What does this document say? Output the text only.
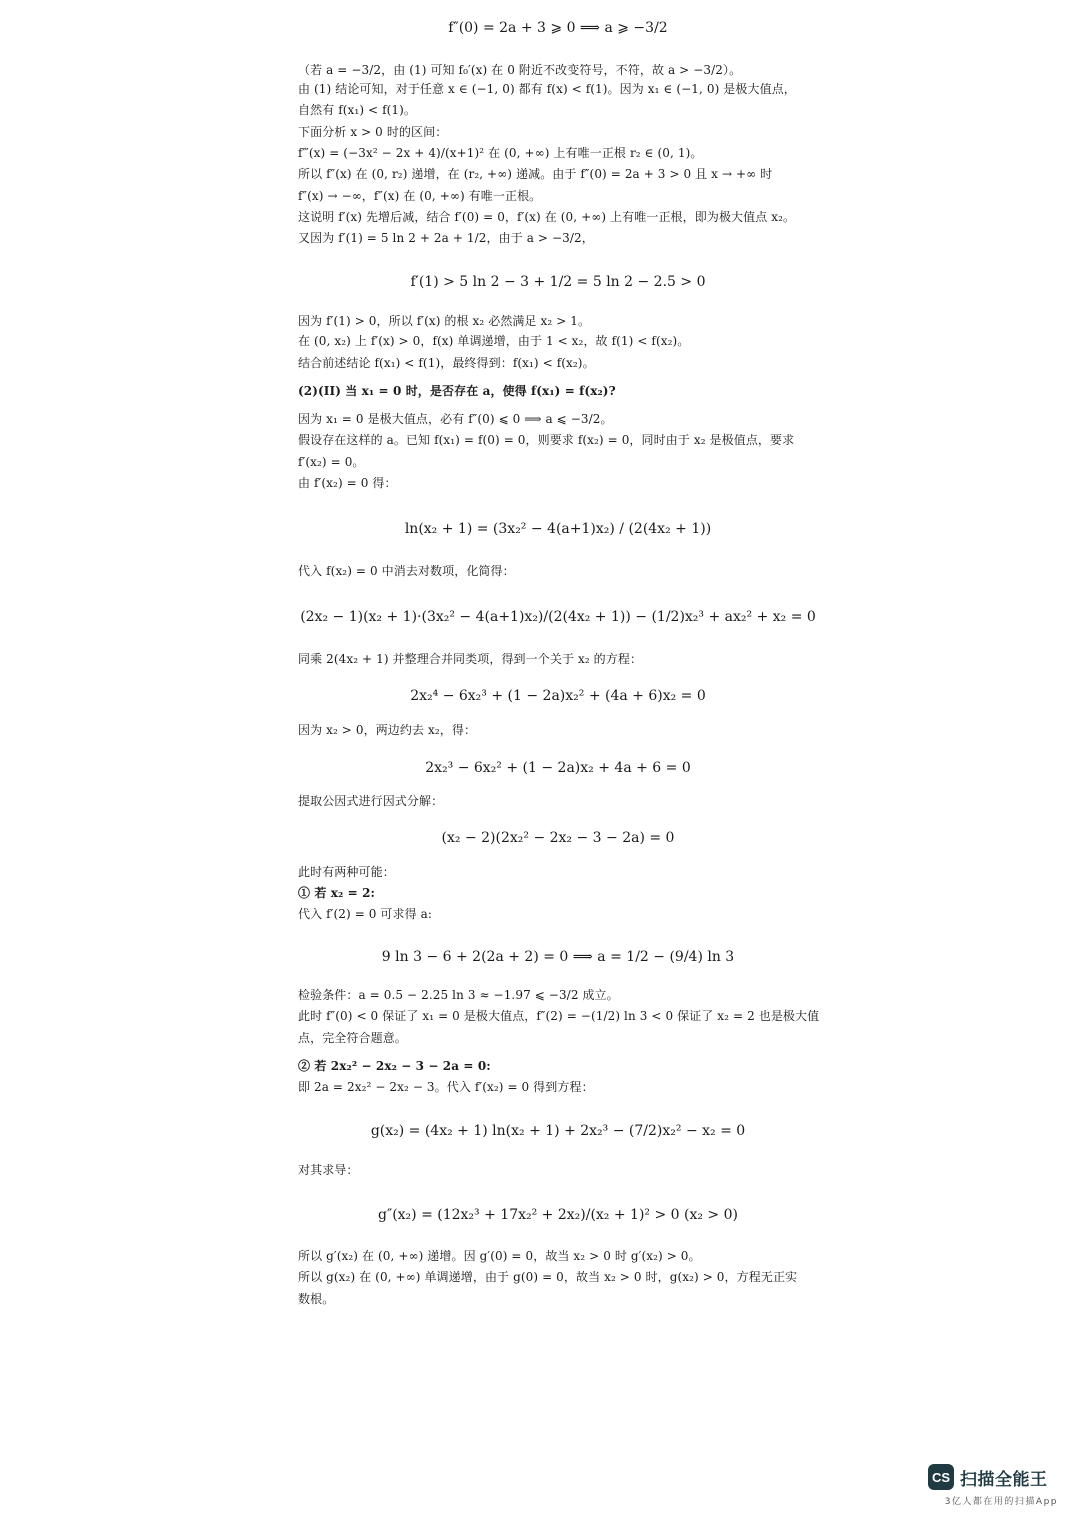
f″(0) = 2a + 3 ⩾ 0 ⟹ a ⩾ −3/2
（若 a = −3/2，由 (1) 可知 f₀′(x) 在 0 附近不改变符号，不符，故 a > −3/2）。
由 (1) 结论可知，对于任意 x ∈ (−1, 0) 都有 f(x) < f(1)。因为 x₁ ∈ (−1, 0) 是极大值点，
自然有 f(x₁) < f(1)。
下面分析 x > 0 时的区间：
f‴(x) = (−3x² − 2x + 4)/(x+1)² 在 (0, +∞) 上有唯一正根 r₂ ∈ (0, 1)。
所以 f″(x) 在 (0, r₂) 递增，在 (r₂, +∞) 递减。由于 f″(0) = 2a + 3 > 0 且 x → +∞ 时
f″(x) → −∞，f″(x) 在 (0, +∞) 有唯一正根。
这说明 f′(x) 先增后减，结合 f′(0) = 0，f′(x) 在 (0, +∞) 上有唯一正根，即为极大值点 x₂。
又因为 f′(1) = 5 ln 2 + 2a + 1/2，由于 a > −3/2，
f′(1) > 5 ln 2 − 3 + 1/2 = 5 ln 2 − 2.5 > 0
因为 f′(1) > 0，所以 f′(x) 的根 x₂ 必然满足 x₂ > 1。
在 (0, x₂) 上 f′(x) > 0，f(x) 单调递增，由于 1 < x₂，故 f(1) < f(x₂)。
结合前述结论 f(x₁) < f(1)，最终得到：f(x₁) < f(x₂)。
(2)(II) 当 x₁ = 0 时，是否存在 a，使得 f(x₁) = f(x₂)?
因为 x₁ = 0 是极大值点，必有 f″(0) ⩽ 0 ⟹ a ⩽ −3/2。
假设存在这样的 a。已知 f(x₁) = f(0) = 0，则要求 f(x₂) = 0，同时由于 x₂ 是极值点，要求
f′(x₂) = 0。
由 f′(x₂) = 0 得：
ln(x₂ + 1) = (3x₂² − 4(a+1)x₂) / (2(4x₂ + 1))
代入 f(x₂) = 0 中消去对数项，化简得：
(2x₂ − 1)(x₂ + 1)·(3x₂² − 4(a+1)x₂)/(2(4x₂ + 1)) − (1/2)x₂³ + ax₂² + x₂ = 0
同乘 2(4x₂ + 1) 并整理合并同类项，得到一个关于 x₂ 的方程：
2x₂⁴ − 6x₂³ + (1 − 2a)x₂² + (4a + 6)x₂ = 0
因为 x₂ > 0，两边约去 x₂，得：
2x₂³ − 6x₂² + (1 − 2a)x₂ + 4a + 6 = 0
提取公因式进行因式分解：
(x₂ − 2)(2x₂² − 2x₂ − 3 − 2a) = 0
此时有两种可能：
① 若 x₂ = 2:
代入 f′(2) = 0 可求得 a:
9 ln 3 − 6 + 2(2a + 2) = 0 ⟹ a = 1/2 − (9/4) ln 3
检验条件：a = 0.5 − 2.25 ln 3 ≈ −1.97 ⩽ −3/2 成立。
此时 f″(0) < 0 保证了 x₁ = 0 是极大值点，f″(2) = −(1/2) ln 3 < 0 保证了 x₂ = 2 也是极大值
点，完全符合题意。
② 若 2x₂² − 2x₂ − 3 − 2a = 0:
即 2a = 2x₂² − 2x₂ − 3。代入 f′(x₂) = 0 得到方程：
g(x₂) = (4x₂ + 1) ln(x₂ + 1) + 2x₂³ − (7/2)x₂² − x₂ = 0
对其求导：
g″(x₂) = (12x₂³ + 17x₂² + 2x₂)/(x₂ + 1)² > 0 (x₂ > 0)
所以 g′(x₂) 在 (0, +∞) 递增。因 g′(0) = 0，故当 x₂ > 0 时 g′(x₂) > 0。
所以 g(x₂) 在 (0, +∞) 单调递增，由于 g(0) = 0，故当 x₂ > 0 时，g(x₂) > 0，方程无正实
数根。
CS 扫描全能王
3亿人都在用的扫描App
